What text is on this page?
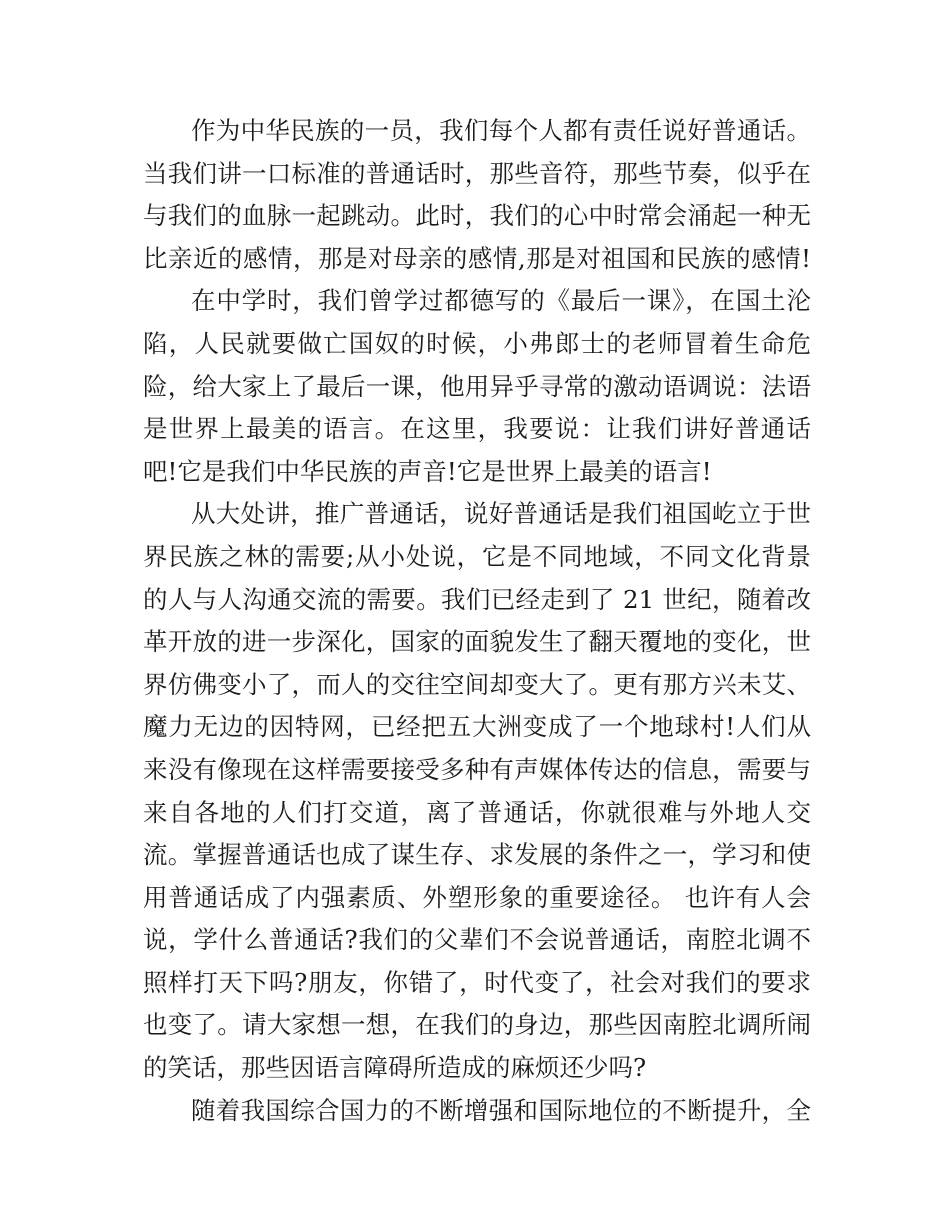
作为中华民族的一员，我们每个人都有责任说好普通话。
当我们讲一口标准的普通话时，那些音符，那些节奏，似乎在
与我们的血脉一起跳动。此时，我们的心中时常会涌起一种无
比亲近的感情，那是对母亲的感情,那是对祖国和民族的感情!
在中学时，我们曾学过都德写的《最后一课》，在国土沦
陷，人民就要做亡国奴的时候，小弗郎士的老师冒着生命危
险，给大家上了最后一课，他用异乎寻常的激动语调说：法语
是世界上最美的语言。在这里，我要说：让我们讲好普通话
吧!它是我们中华民族的声音!它是世界上最美的语言!
从大处讲，推广普通话，说好普通话是我们祖国屹立于世
界民族之林的需要;从小处说，它是不同地域，不同文化背景
的人与人沟通交流的需要。我们已经走到了 21 世纪，随着改
革开放的进一步深化，国家的面貌发生了翻天覆地的变化，世
界仿佛变小了，而人的交往空间却变大了。更有那方兴未艾、
魔力无边的因特网，已经把五大洲变成了一个地球村!人们从
来没有像现在这样需要接受多种有声媒体传达的信息，需要与
来自各地的人们打交道，离了普通话，你就很难与外地人交
流。掌握普通话也成了谋生存、求发展的条件之一，学习和使
用普通话成了内强素质、外塑形象的重要途径。 也许有人会
说，学什么普通话?我们的父辈们不会说普通话，南腔北调不
照样打天下吗?朋友，你错了，时代变了，社会对我们的要求
也变了。请大家想一想，在我们的身边，那些因南腔北调所闹
的笑话，那些因语言障碍所造成的麻烦还少吗?
随着我国综合国力的不断增强和国际地位的不断提升，全
